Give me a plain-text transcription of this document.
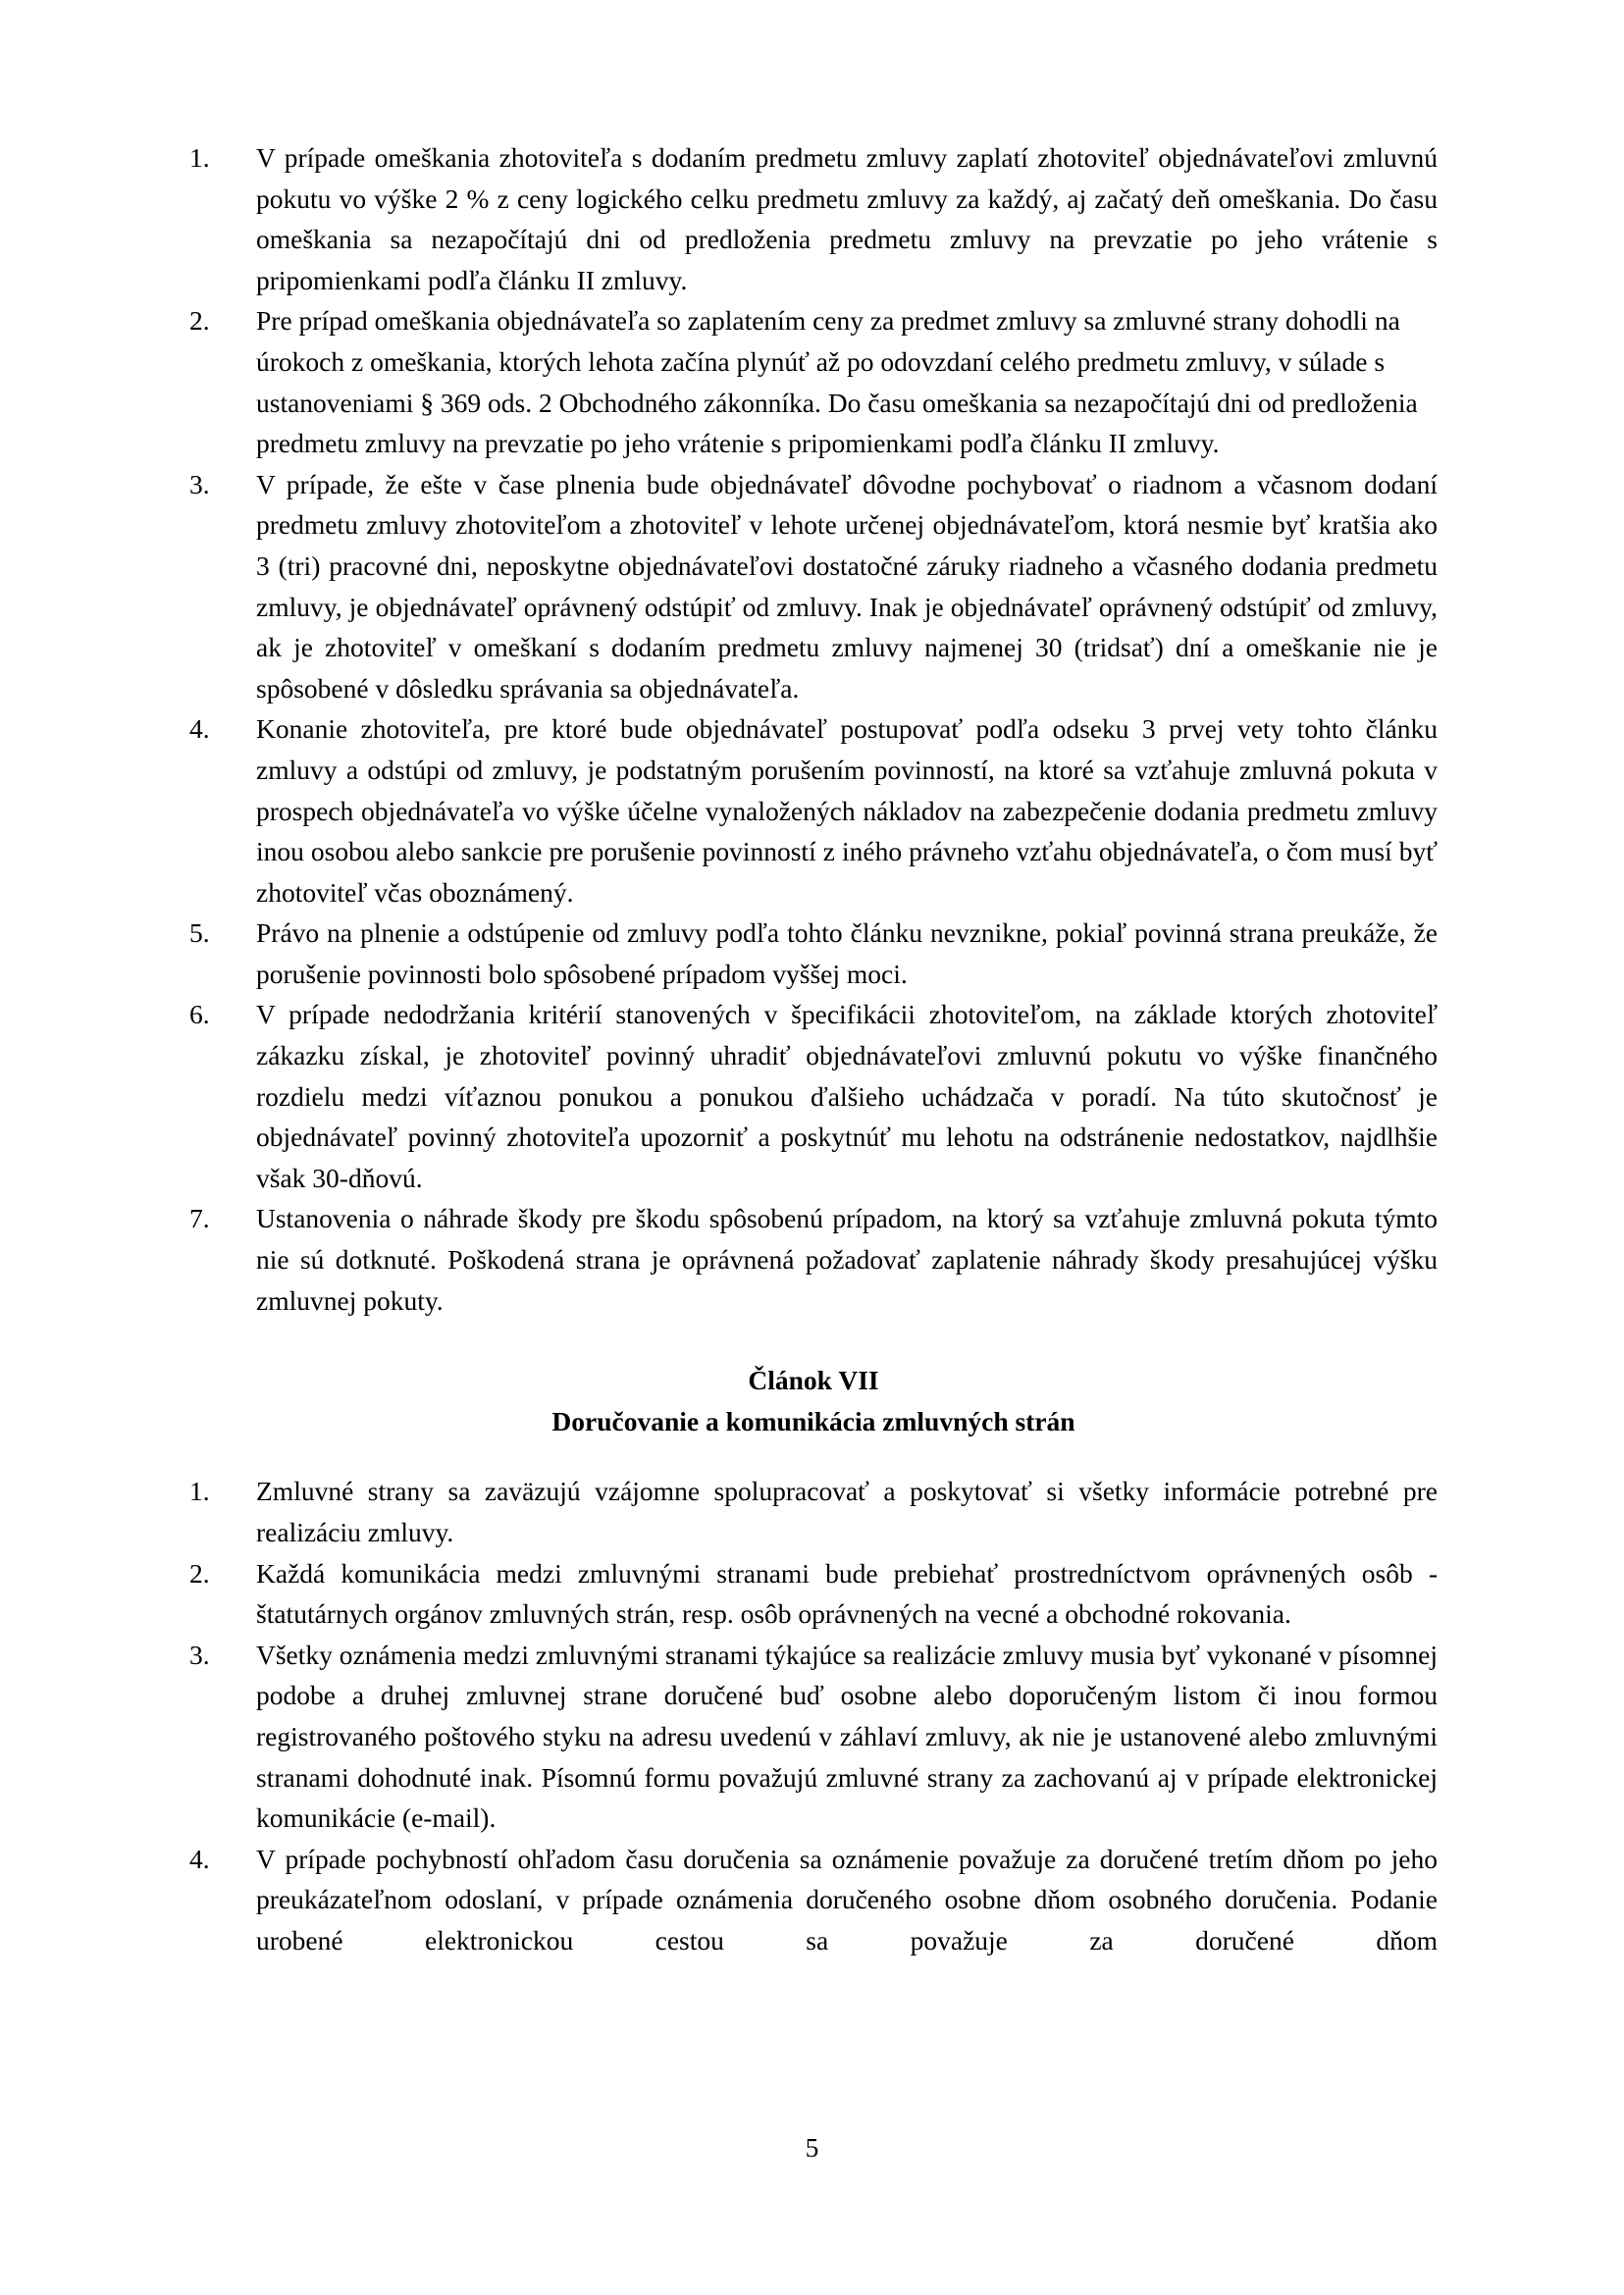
V prípade omeškania zhotoviteľa s dodaním predmetu zmluvy zaplatí zhotoviteľ objednávateľovi zmluvnú pokutu vo výške 2 % z ceny logického celku predmetu zmluvy za každý, aj začatý deň omeškania. Do času omeškania sa nezapočítajú dni od predloženia predmetu zmluvy na prevzatie po jeho vrátenie s pripomienkami podľa článku II zmluvy.
Pre prípad omeškania objednávateľa so zaplatením ceny za predmet zmluvy sa zmluvné strany dohodli na úrokoch z omeškania, ktorých lehota začína plynúť až po odovzdaní celého predmetu zmluvy, v súlade s ustanoveniami § 369 ods. 2 Obchodného zákonníka. Do času omeškania sa nezapočítajú dni od predloženia predmetu zmluvy na prevzatie po jeho vrátenie s pripomienkami podľa článku II zmluvy.
V prípade, že ešte v čase plnenia bude objednávateľ dôvodne pochybovať o riadnom a včasnom dodaní predmetu zmluvy zhotoviteľom a zhotoviteľ v lehote určenej objednávateľom, ktorá nesmie byť kratšia ako 3 (tri) pracovné dni, neposkytne objednávateľovi dostatočné záruky riadneho a včasného dodania predmetu zmluvy, je objednávateľ oprávnený odstúpiť od zmluvy. Inak je objednávateľ oprávnený odstúpiť od zmluvy, ak je zhotoviteľ v omeškaní s dodaním predmetu zmluvy najmenej 30 (tridsať) dní a omeškanie nie je spôsobené v dôsledku správania sa objednávateľa.
Konanie zhotoviteľa, pre ktoré bude objednávateľ postupovať podľa odseku 3 prvej vety tohto článku zmluvy a odstúpi od zmluvy, je podstatným porušením povinností, na ktoré sa vzťahuje zmluvná pokuta v prospech objednávateľa vo výške účelne vynaložených nákladov na zabezpečenie dodania predmetu zmluvy inou osobou alebo sankcie pre porušenie povinností z iného právneho vzťahu objednávateľa, o čom musí byť zhotoviteľ včas oboznámený.
Právo na plnenie a odstúpenie od zmluvy podľa tohto článku nevznikne, pokiaľ povinná strana preukáže, že porušenie povinnosti bolo spôsobené prípadom vyššej moci.
V prípade nedodržania kritérií stanovených v špecifikácii zhotoviteľom, na základe ktorých zhotoviteľ zákazku získal, je zhotoviteľ povinný uhradiť objednávateľovi zmluvnú pokutu vo výške finančného rozdielu medzi víťaznou ponukou a ponukou ďalšieho uchádzača v poradí. Na túto skutočnosť je objednávateľ povinný zhotoviteľa upozorniť a poskytnúť mu lehotu na odstránenie nedostatkov, najdlhšie však 30-dňovú.
Ustanovenia o náhrade škody pre škodu spôsobenú prípadom, na ktorý sa vzťahuje zmluvná pokuta týmto nie sú dotknuté. Poškodená strana je oprávnená požadovať zaplatenie náhrady škody presahujúcej výšku zmluvnej pokuty.
Článok VII
Doručovanie a komunikácia zmluvných strán
Zmluvné strany sa zaväzujú vzájomne spolupracovať a poskytovať si všetky informácie potrebné pre realizáciu zmluvy.
Každá komunikácia medzi zmluvnými stranami bude prebiehať prostredníctvom oprávnených osôb - štatutárnych orgánov zmluvných strán, resp. osôb oprávnených na vecné a obchodné rokovania.
Všetky oznámenia medzi zmluvnými stranami týkajúce sa realizácie zmluvy musia byť vykonané v písomnej podobe a druhej zmluvnej strane doručené buď osobne alebo doporučeným listom či inou formou registrovaného poštového styku na adresu uvedenú v záhlaví zmluvy, ak nie je ustanovené alebo zmluvnými stranami dohodnuté inak. Písomnú formu považujú zmluvné strany za zachovanú aj v prípade elektronickej komunikácie (e-mail).
V prípade pochybností ohľadom času doručenia sa oznámenie považuje za doručené tretím dňom po jeho preukázateľnom odoslaní, v prípade oznámenia doručeného osobne dňom osobného doručenia. Podanie urobené elektronickou cestou sa považuje za doručené dňom
5
